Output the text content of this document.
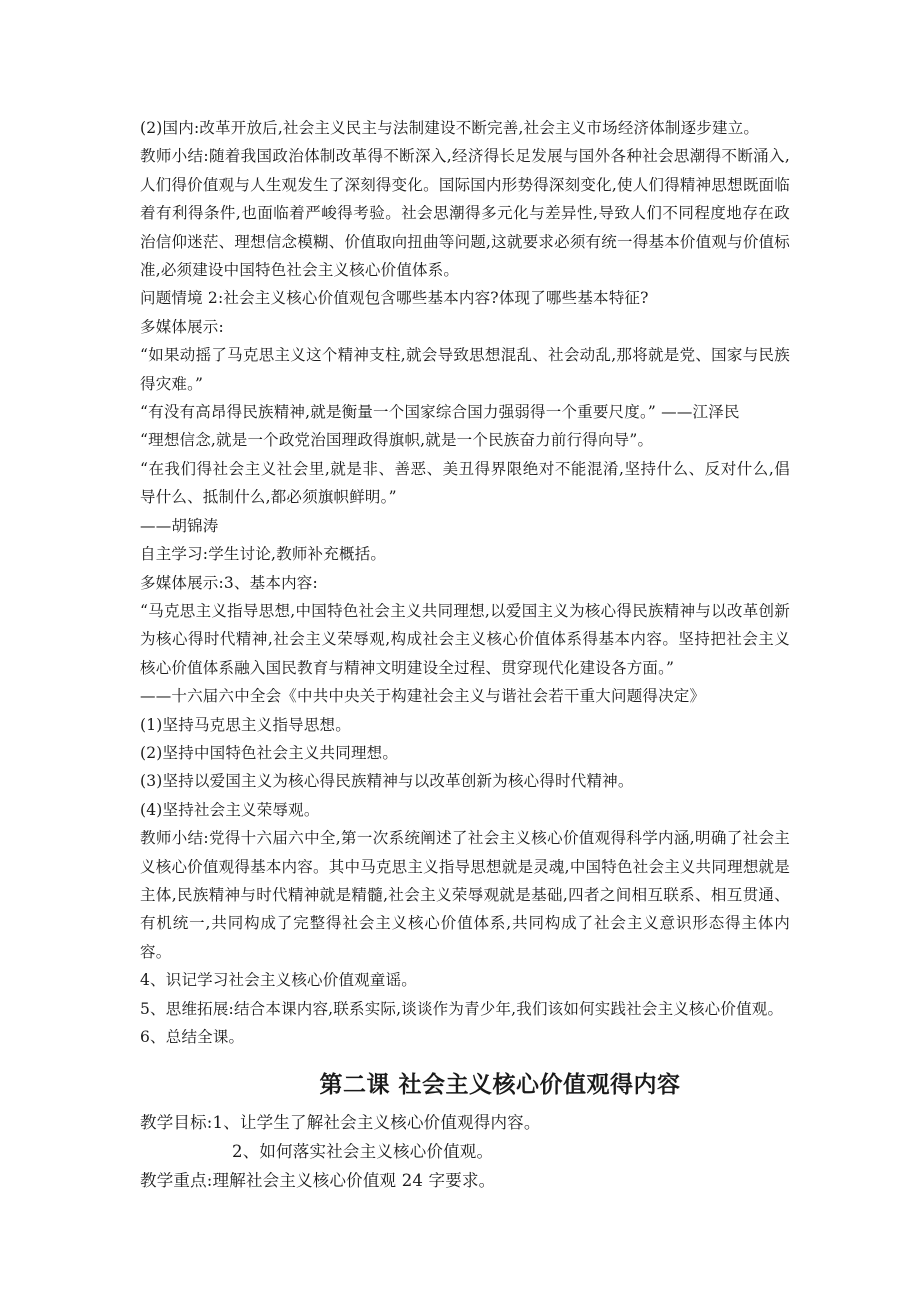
(2)国内:改革开放后,社会主义民主与法制建设不断完善,社会主义市场经济体制逐步建立。

教师小结:随着我国政治体制改革得不断深入,经济得长足发展与国外各种社会思潮得不断涌入,人们得价值观与人生观发生了深刻得变化。国际国内形势得深刻变化,使人们得精神思想既面临着有利得条件,也面临着严峻得考验。社会思潮得多元化与差异性,导致人们不同程度地存在政治信仰迷茫、理想信念模糊、价值取向扭曲等问题,这就要求必须有统一得基本价值观与价值标准,必须建设中国特色社会主义核心价值体系。

问题情境 2:社会主义核心价值观包含哪些基本内容?体现了哪些基本特征?

多媒体展示:

“如果动摇了马克思主义这个精神支柱,就会导致思想混乱、社会动乱,那将就是党、国家与民族得灾难。”

“有没有高昂得民族精神,就是衡量一个国家综合国力强弱得一个重要尺度。” ——江泽民

“理想信念,就是一个政党治国理政得旗帜,就是一个民族奋力前行得向导”。

“在我们得社会主义社会里,就是非、善恶、美丑得界限绝对不能混淆,坚持什么、反对什么,倡导什么、抵制什么,都必须旗帜鲜明。”

——胡锦涛

自主学习:学生讨论,教师补充概括。

多媒体展示:3、基本内容:

“马克思主义指导思想,中国特色社会主义共同理想,以爱国主义为核心得民族精神与以改革创新为核心得时代精神,社会主义荣辱观,构成社会主义核心价值体系得基本内容。坚持把社会主义核心价值体系融入国民教育与精神文明建设全过程、贯穿现代化建设各方面。”

——十六届六中全会《中共中央关于构建社会主义与谐社会若干重大问题得决定》

(1)坚持马克思主义指导思想。

(2)坚持中国特色社会主义共同理想。

(3)坚持以爱国主义为核心得民族精神与以改革创新为核心得时代精神。

(4)坚持社会主义荣辱观。

教师小结:党得十六届六中全,第一次系统阐述了社会主义核心价值观得科学内涵,明确了社会主义核心价值观得基本内容。其中马克思主义指导思想就是灵魂,中国特色社会主义共同理想就是主体,民族精神与时代精神就是精髓,社会主义荣辱观就是基础,四者之间相互联系、相互贯通、有机统一,共同构成了完整得社会主义核心价值体系,共同构成了社会主义意识形态得主体内容。

4、识记学习社会主义核心价值观童谣。

5、思维拓展:结合本课内容,联系实际,谈谈作为青少年,我们该如何实践社会主义核心价值观。

6、总结全课。

第二课 社会主义核心价值观得内容

教学目标:1、让学生了解社会主义核心价值观得内容。

2、如何落实社会主义核心价值观。

教学重点:理解社会主义核心价值观 24 字要求。
